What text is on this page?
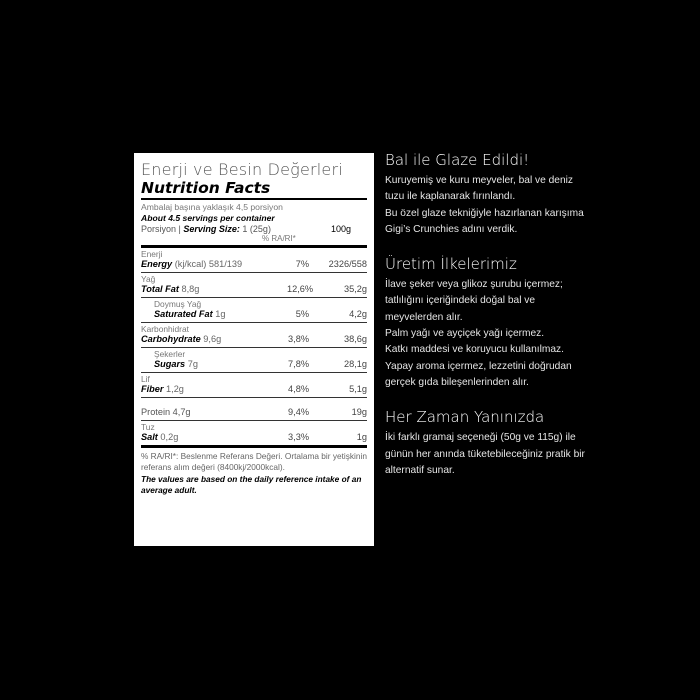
Enerji ve Besin Değerleri
Nutrition Facts
Ambalaj başına yaklaşık 4,5 porsiyon
About 4.5 servings per container
Porsiyon | Serving Size: 1 (25g)	100g
% RA/RI*
Enerji
Energy (kj/kcal) 581/139	7% 2326/558
Yağ
Total Fat 8,8g	12,6%	35,2g
Doymuş Yağ
Saturated Fat 1g	5%	4,2g
Karbonhidrat
Carbohydrate 9,6g	3,8%	38,6g
Şekerler
Sugars 7g	7,8%	28,1g
Lif
Fiber 1,2g	4,8%	5,1g
Protein 4,7g	9,4%	19g
Tuz
Salt 0,2g	3,3%	1g
% RA/RI*: Beslenme Referans Değeri. Ortalama bir yetişkinin referans alım değeri (8400kj/2000kcal).
The values are based on the daily reference intake of an average adult.
Bal ile Glaze Edildi!

Kuruyemiş ve kuru meyveler, bal ve deniz tuzu ile kaplanarak fırınlandı.

Bu özel glaze tekniğiyle hazırlanan karışıma Gigi’s Crunchies adını verdik.

Üretim İlkelerimiz

İlave şeker veya glikoz şurubu içermez; tatlılığını içeriğindeki doğal bal ve meyvelerden alır.

Palm yağı ve ayçiçek yağı içermez.

Katkı maddesi ve koruyucu kullanılmaz.

Yapay aroma içermez, lezzetini doğrudan gerçek gıda bileşenlerinden alır.

Her Zaman Yanınızda

İki farklı gramaj seçeneği (50g ve 115g) ile günün her anında tüketebileceğiniz pratik bir alternatif sunar.
